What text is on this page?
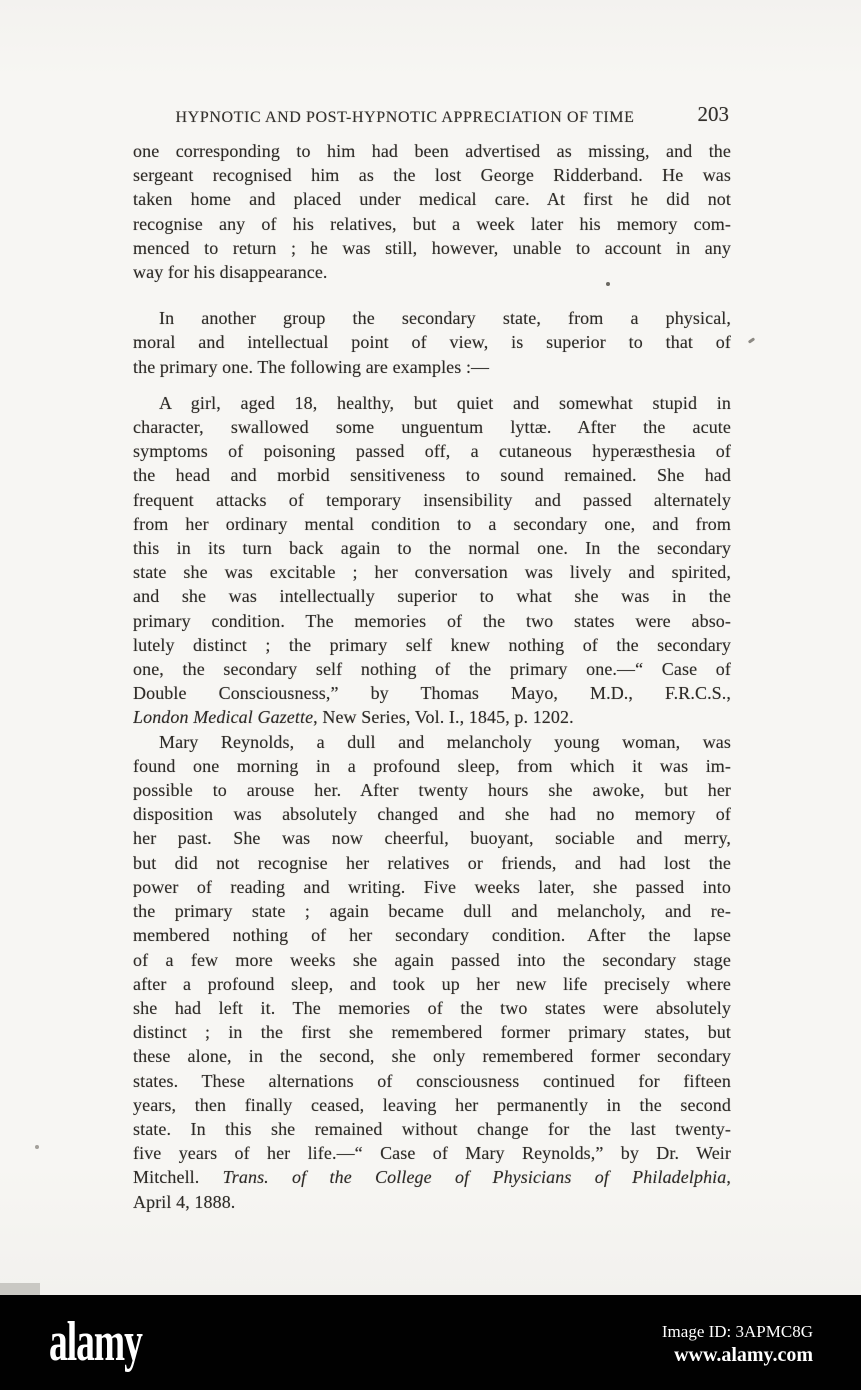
HYPNOTIC AND POST-HYPNOTIC APPRECIATION OF TIME	203
one corresponding to him had been advertised as missing, and the
sergeant recognised him as the lost George Ridderband. He was
taken home and placed under medical care. At first he did not
recognise any of his relatives, but a week later his memory com-
menced to return ; he was still, however, unable to account in any
way for his disappearance.
In another group the secondary state, from a physical,
moral and intellectual point of view, is superior to that of
the primary one. The following are examples :—
A girl, aged 18, healthy, but quiet and somewhat stupid in
character, swallowed some unguentum lyttæ. After the acute
symptoms of poisoning passed off, a cutaneous hyperæsthesia of
the head and morbid sensitiveness to sound remained. She had
frequent attacks of temporary insensibility and passed alternately
from her ordinary mental condition to a secondary one, and from
this in its turn back again to the normal one. In the secondary
state she was excitable ; her conversation was lively and spirited,
and she was intellectually superior to what she was in the
primary condition. The memories of the two states were abso-
lutely distinct ; the primary self knew nothing of the secondary
one, the secondary self nothing of the primary one.—“ Case of
Double Consciousness,” by Thomas Mayo, M.D., F.R.C.S.,
London Medical Gazette, New Series, Vol. I., 1845, p. 1202.
Mary Reynolds, a dull and melancholy young woman, was
found one morning in a profound sleep, from which it was im-
possible to arouse her. After twenty hours she awoke, but her
disposition was absolutely changed and she had no memory of
her past. She was now cheerful, buoyant, sociable and merry,
but did not recognise her relatives or friends, and had lost the
power of reading and writing. Five weeks later, she passed into
the primary state ; again became dull and melancholy, and re-
membered nothing of her secondary condition. After the lapse
of a few more weeks she again passed into the secondary stage
after a profound sleep, and took up her new life precisely where
she had left it. The memories of the two states were absolutely
distinct ; in the first she remembered former primary states, but
these alone, in the second, she only remembered former secondary
states. These alternations of consciousness continued for fifteen
years, then finally ceased, leaving her permanently in the second
state. In this she remained without change for the last twenty-
five years of her life.—“ Case of Mary Reynolds,” by Dr. Weir
Mitchell. Trans. of the College of Physicians of Philadelphia,
April 4, 1888.
alamy	Image ID: 3APMC8G
www.alamy.com
